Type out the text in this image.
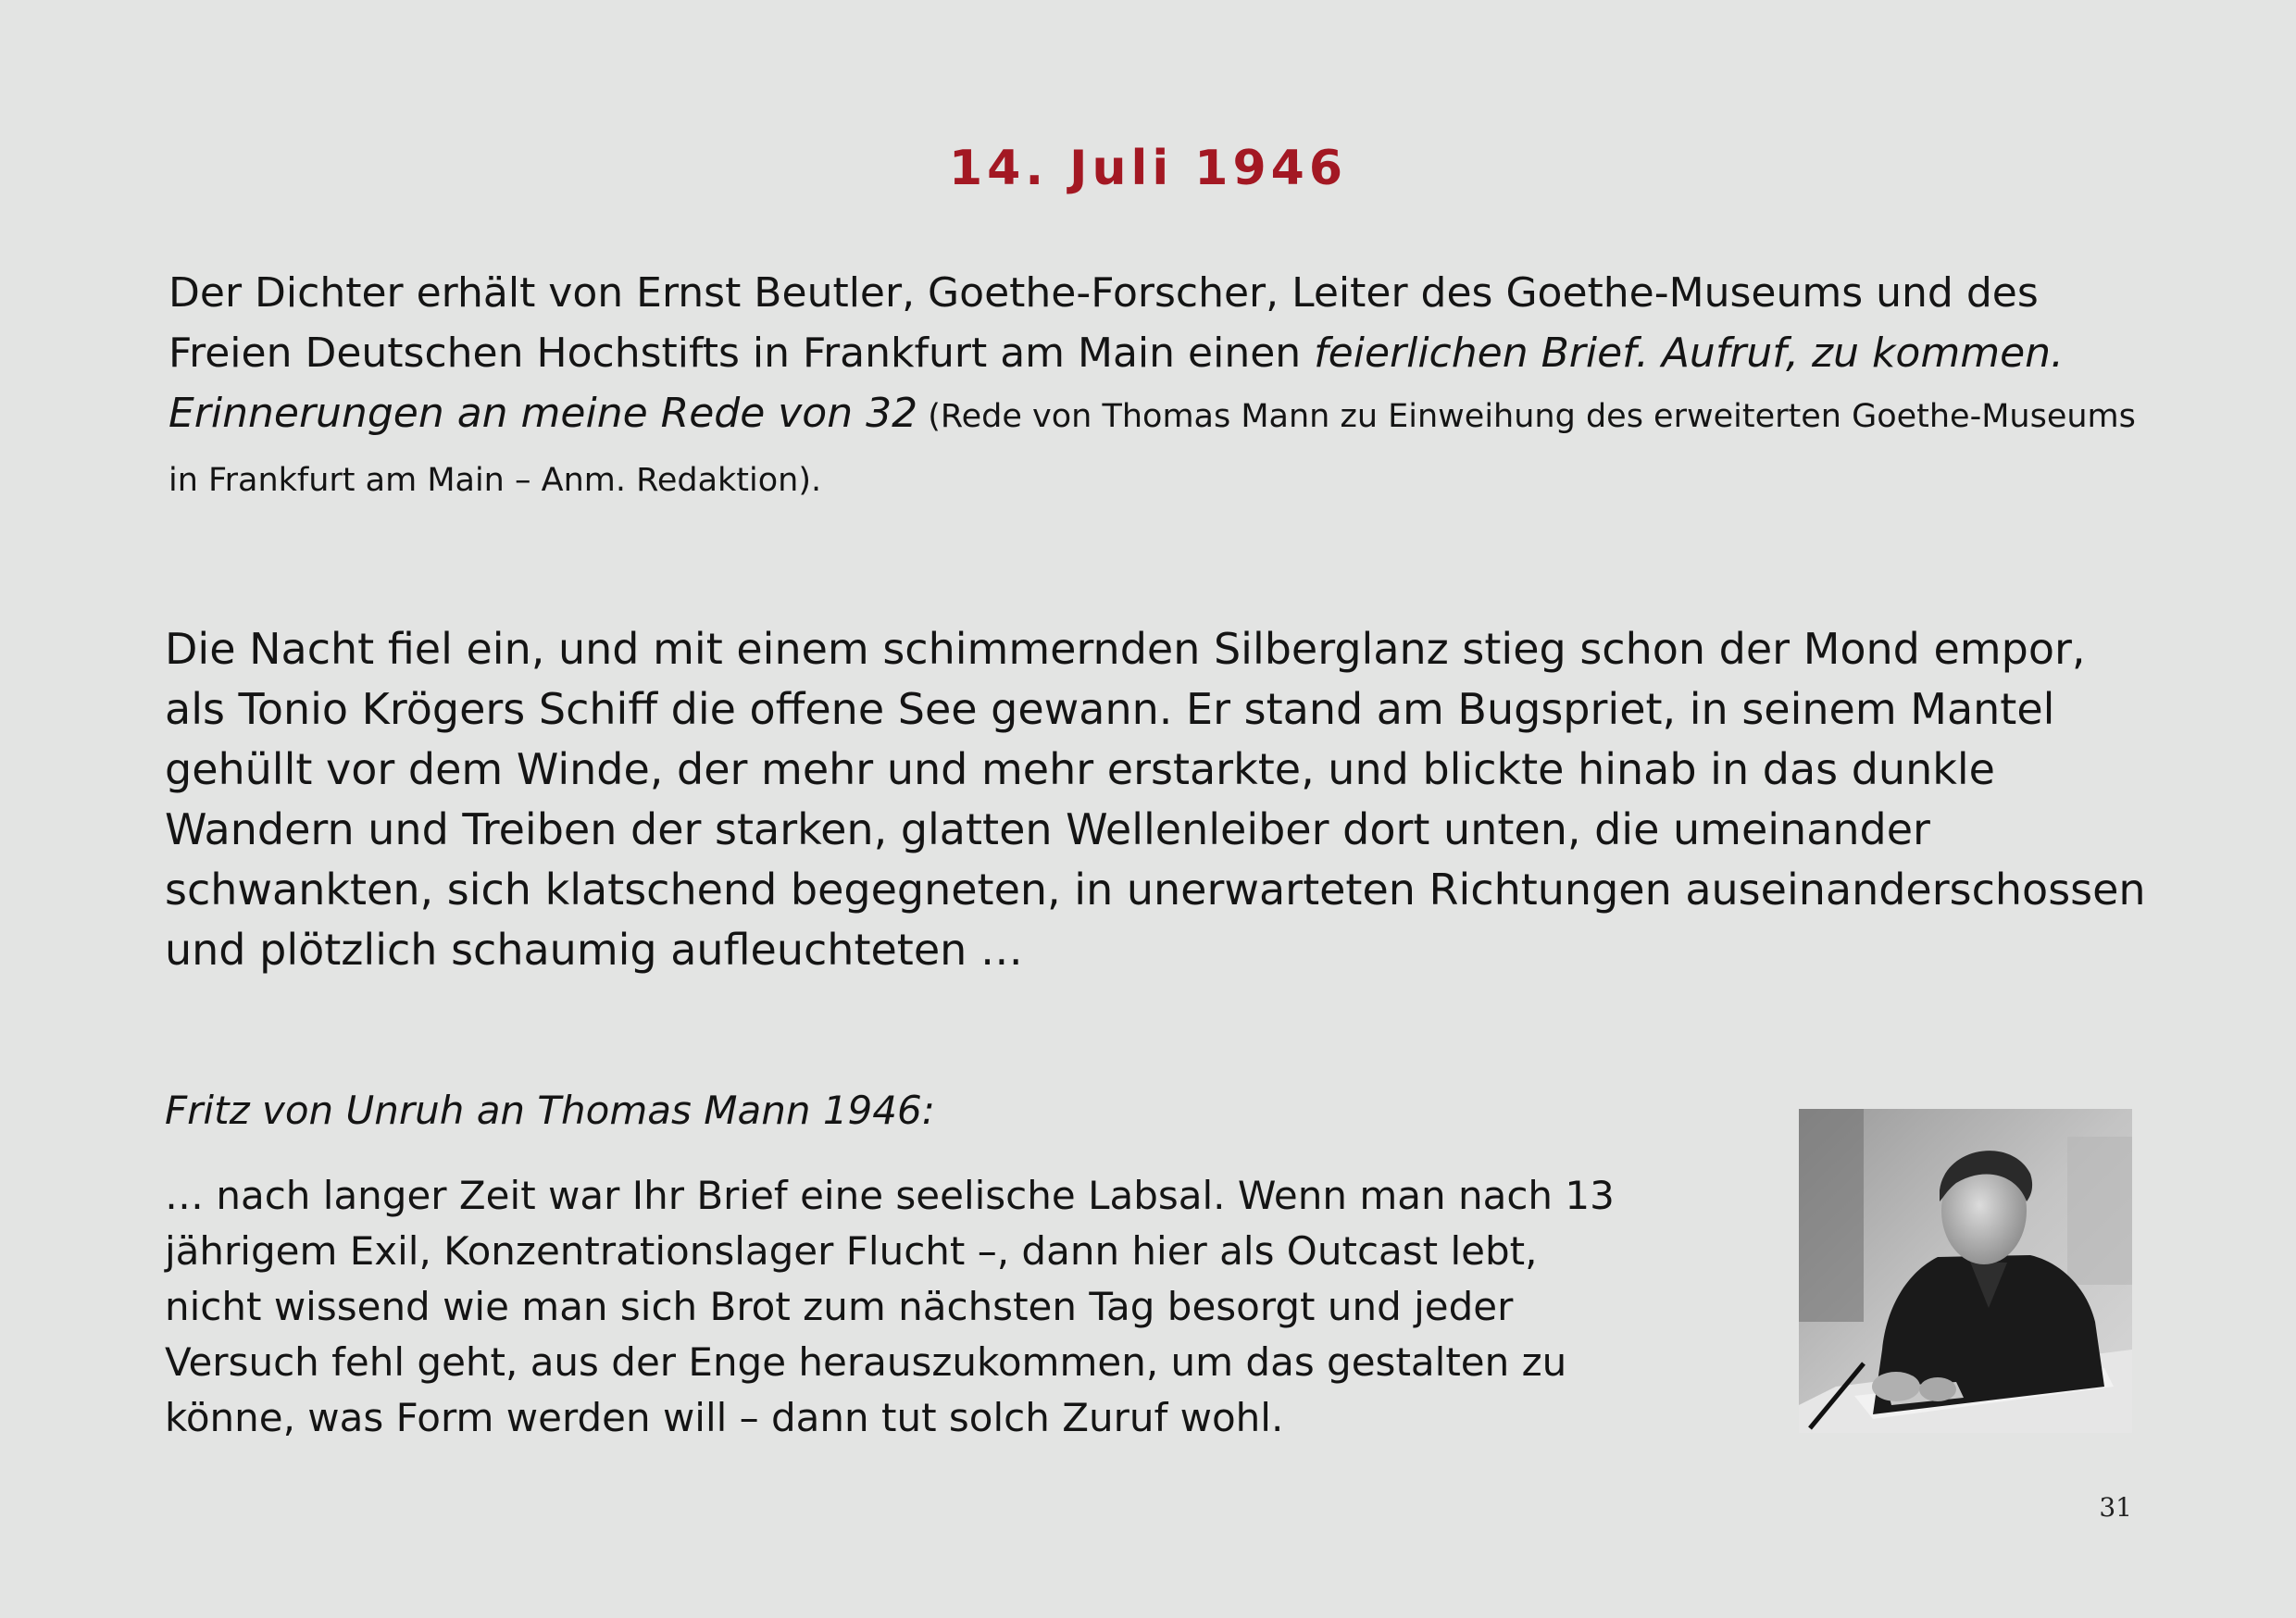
14. Juli 1946

Der Dichter erhält von Ernst Beutler, Goethe-Forscher, Leiter des Goethe-Museums und des Freien Deutschen Hochstifts in Frankfurt am Main einen feierlichen Brief. Aufruf, zu kommen. Erinnerungen an meine Rede von 32 (Rede von Thomas Mann zu Einweihung des erweiterten Goethe-Museums in Frankfurt am Main – Anm. Redaktion).

Die Nacht fiel ein, und mit einem schimmernden Silberglanz stieg schon der Mond empor, als Tonio Krögers Schiff die offene See gewann. Er stand am Bugspriet, in seinem Mantel gehüllt vor dem Winde, der mehr und mehr erstarkte, und blickte hinab in das dunkle Wandern und Treiben der starken, glatten Wellenleiber dort unten, die umeinander schwankten, sich klatschend begegneten, in unerwarteten Richtungen auseinanderschossen und plötzlich schaumig aufleuchteten …

Fritz von Unruh an Thomas Mann 1946:

… nach langer Zeit war Ihr Brief eine seelische Labsal. Wenn man nach 13 jährigem Exil, Konzentrationslager Flucht –, dann hier als Outcast lebt, nicht wissend wie man sich Brot zum nächsten Tag besorgt und jeder Versuch fehl geht, aus der Enge herauszukommen, um das gestalten zu könne, was Form werden will – dann tut solch Zuruf wohl.

31
